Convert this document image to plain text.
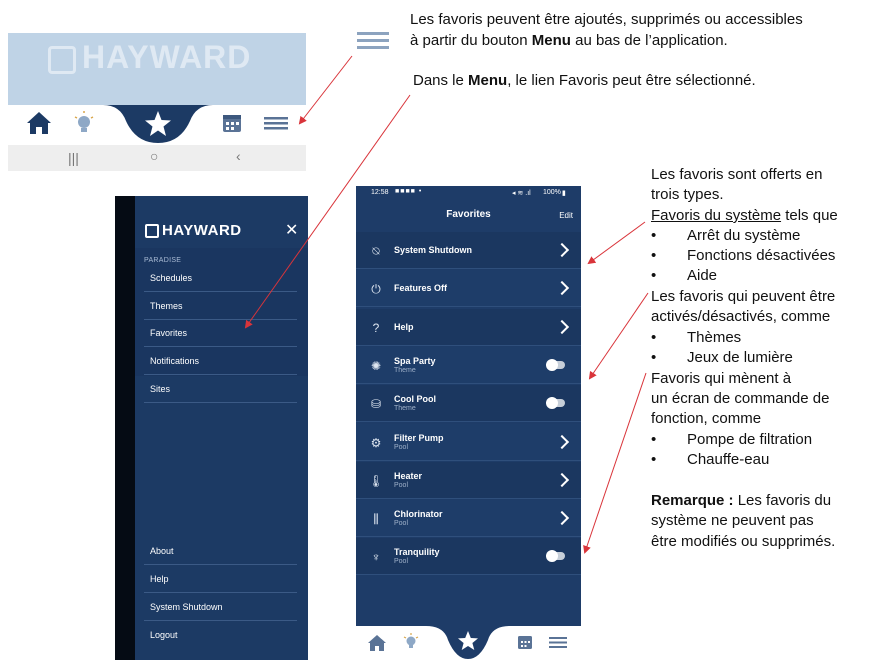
Les favoris peuvent être ajoutés, supprimés ou accessibles
à partir du bouton Menu au bas de l’application.
Dans le Menu, le lien Favoris peut être sélectionné.
HAYWARD
|||	○	‹
HAYWARD	✕
PARADISE
Schedules
Themes
Favorites
Notifications
Sites
About
Help
System Shutdown
Logout
12:58 ■■■■ •	◂ ≋ .ıl 100% ▮
Favorites	Edit
⍉	System Shutdown
⏻	Features Off
?	Help
✺	Spa Party
Theme
⛁	Cool Pool
Theme
⚙ Filter Pump
Pool
🌡 Heater
Pool
⫼	Chlorinator
Pool
♆	Tranquility
Pool
Les favoris sont offerts en
trois types.
Favoris du système tels que
• Arrêt du système
• Fonctions désactivées
• Aide
Les favoris qui peuvent être
activés/désactivés, comme
• Thèmes
• Jeux de lumière
Favoris qui mènent à
un écran de commande de
fonction, comme
• Pompe de filtration
• Chauffe-eau
Remarque : Les favoris du
système ne peuvent pas
être modifiés ou supprimés.
